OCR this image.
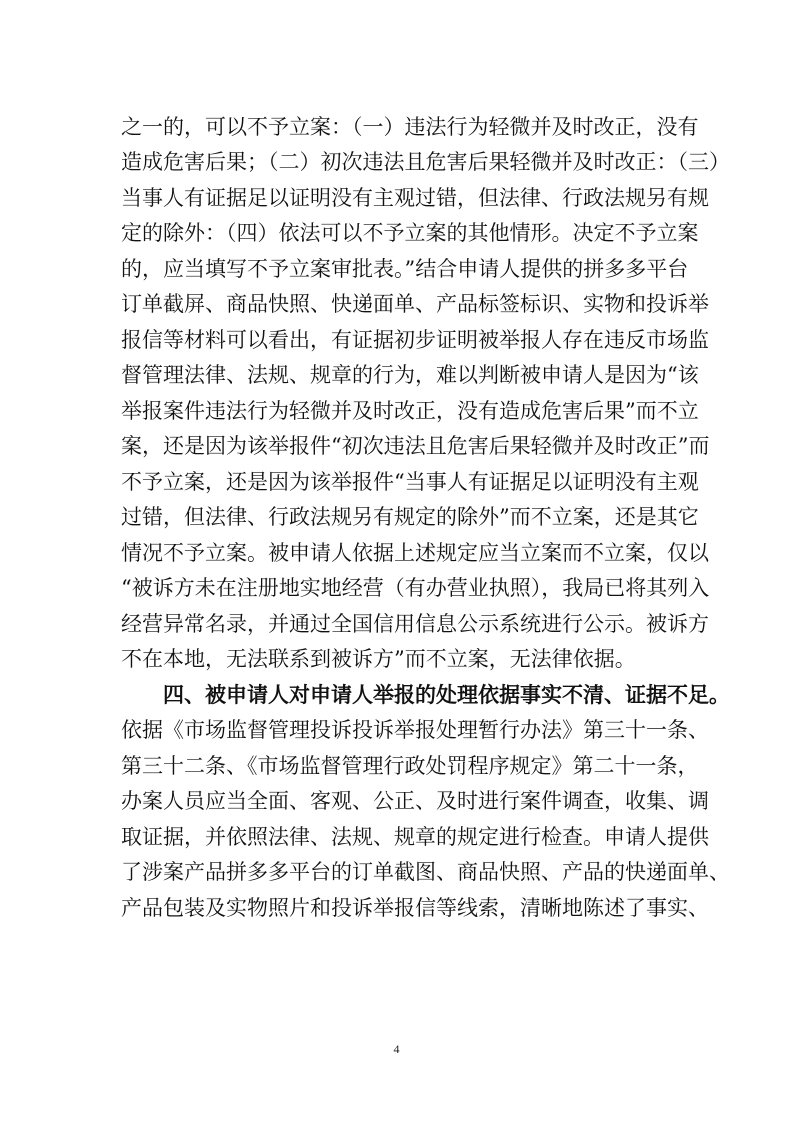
之一的，可以不予立案：（一）违法行为轻微并及时改正，没有
造成危害后果；（二）初次违法且危害后果轻微并及时改正：（三）
当事人有证据足以证明没有主观过错，但法律、行政法规另有规
定的除外：（四）依法可以不予立案的其他情形。决定不予立案
的，应当填写不予立案审批表。”结合申请人提供的拼多多平台
订单截屏、商品快照、快递面单、产品标签标识、实物和投诉举
报信等材料可以看出，有证据初步证明被举报人存在违反市场监
督管理法律、法规、规章的行为，难以判断被申请人是因为“该
举报案件违法行为轻微并及时改正，没有造成危害后果”而不立
案，还是因为该举报件“初次违法且危害后果轻微并及时改正”而
不予立案，还是因为该举报件“当事人有证据足以证明没有主观
过错，但法律、行政法规另有规定的除外”而不立案，还是其它
情况不予立案。被申请人依据上述规定应当立案而不立案，仅以
“被诉方未在注册地实地经营（有办营业执照），我局已将其列入
经营异常名录，并通过全国信用信息公示系统进行公示。被诉方
不在本地，无法联系到被诉方”而不立案，无法律依据。
四、被申请人对申请人举报的处理依据事实不清、证据不足。
依据《市场监督管理投诉投诉举报处理暂行办法》第三十一条、
第三十二条、《市场监督管理行政处罚程序规定》第二十一条，
办案人员应当全面、客观、公正、及时进行案件调查，收集、调
取证据，并依照法律、法规、规章的规定进行检查。申请人提供
了涉案产品拼多多平台的订单截图、商品快照、产品的快递面单、
产品包装及实物照片和投诉举报信等线索，清晰地陈述了事实、
4
